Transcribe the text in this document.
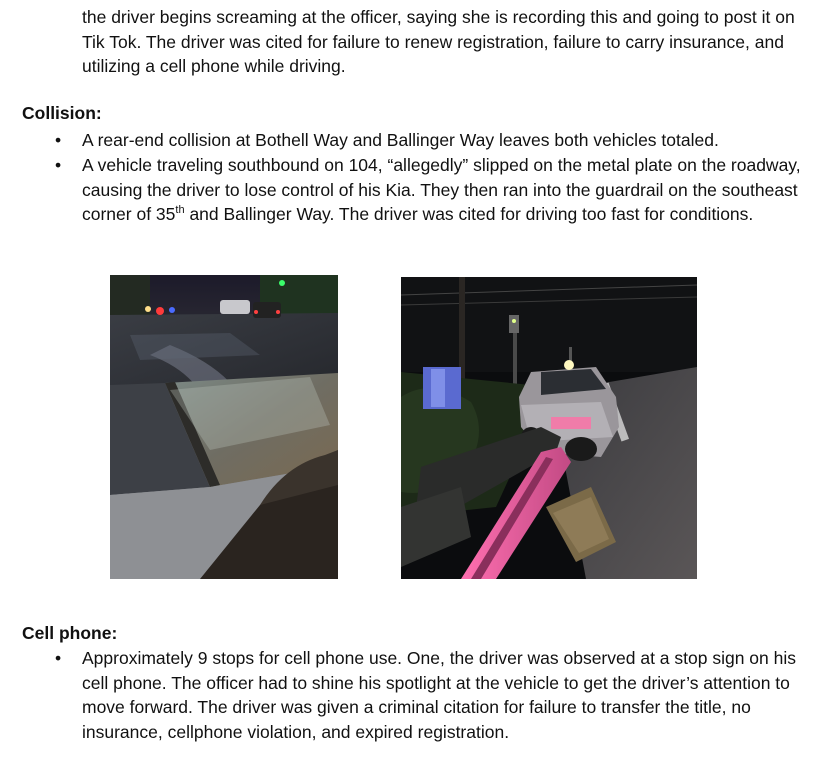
the driver begins screaming at the officer, saying she is recording this and going to post it on Tik Tok. The driver was cited for failure to renew registration, failure to carry insurance, and utilizing a cell phone while driving.
Collision:
•	A rear-end collision at Bothell Way and Ballinger Way leaves both vehicles totaled.
•	A vehicle traveling southbound on 104, “allegedly” slipped on the metal plate on the roadway, causing the driver to lose control of his Kia. They then ran into the guardrail on the southeast corner of 35th and Ballinger Way. The driver was cited for driving too fast for conditions.
Cell phone:
•	Approximately 9 stops for cell phone use. One, the driver was observed at a stop sign on his cell phone. The officer had to shine his spotlight at the vehicle to get the driver’s attention to move forward. The driver was given a criminal citation for failure to transfer the title, no insurance, cellphone violation, and expired registration.
